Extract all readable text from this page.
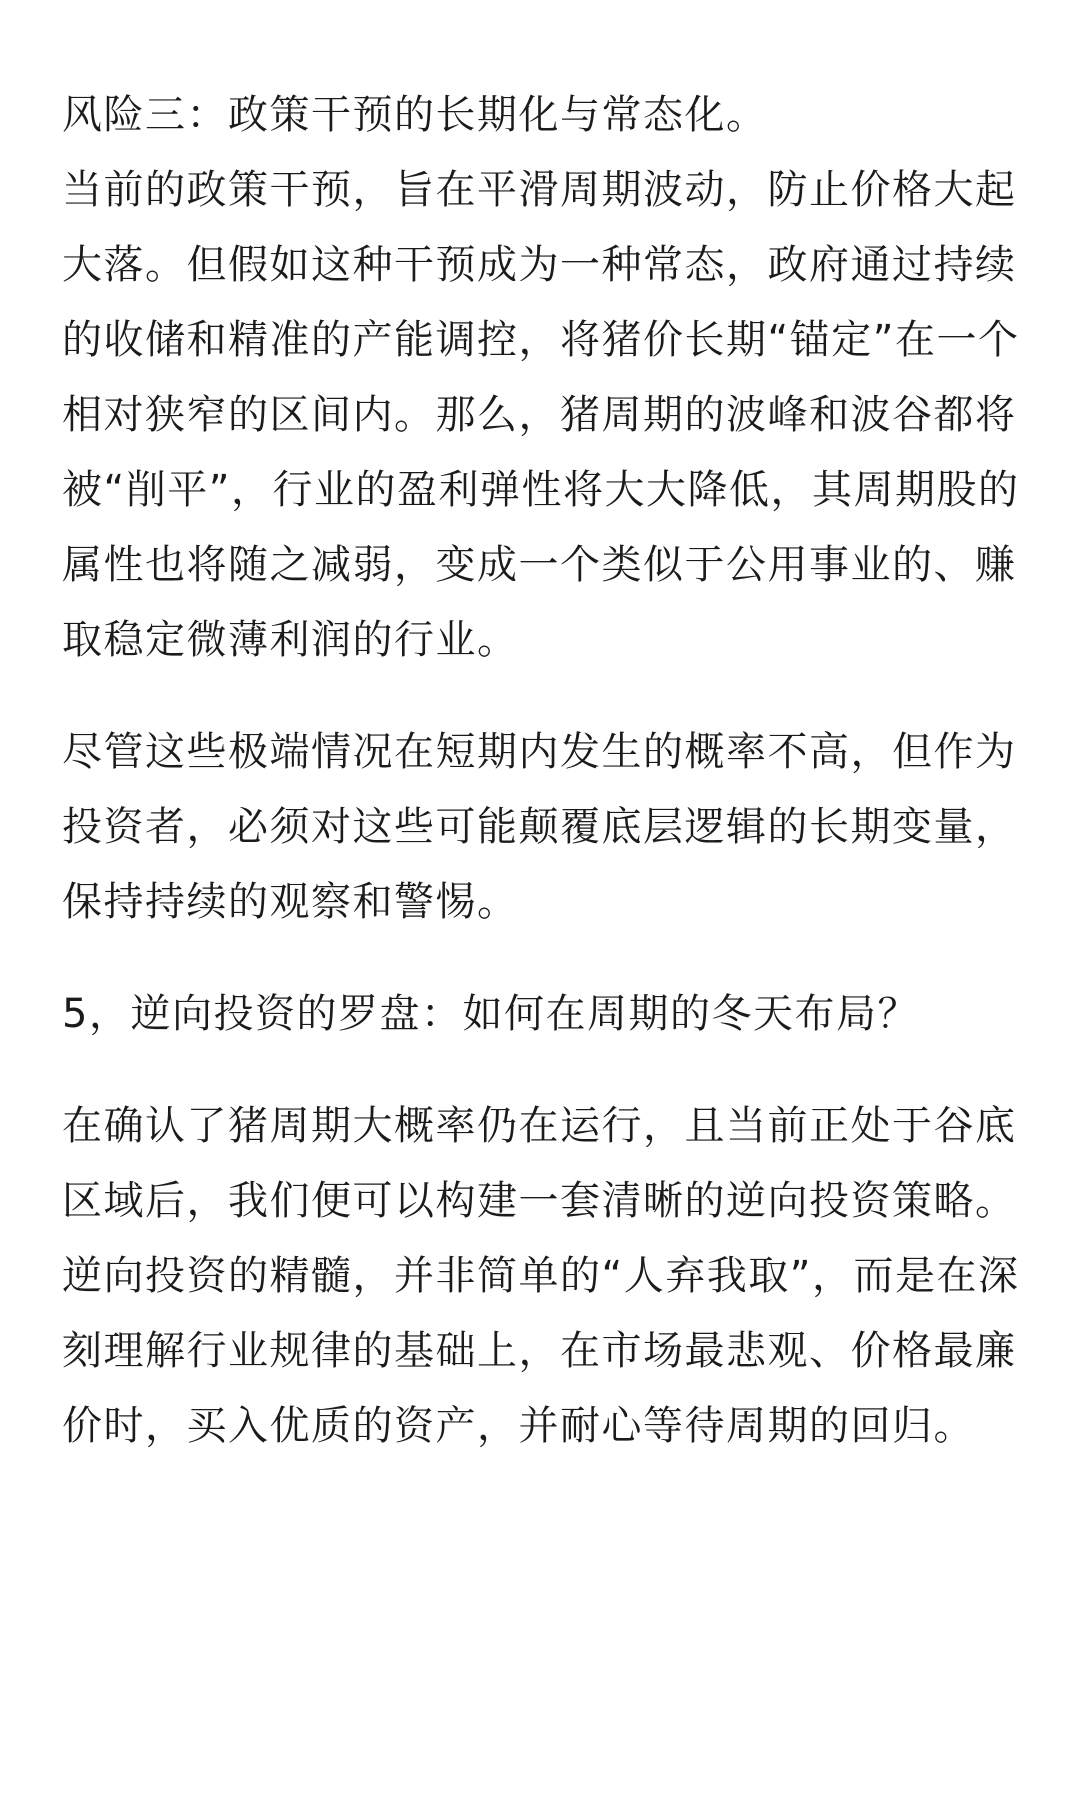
风险三：政策干预的长期化与常态化。

当前的政策干预，旨在平滑周期波动，防止价格大起大落。但假如这种干预成为一种常态，政府通过持续的收储和精准的产能调控，将猪价长期“锚定”在一个相对狭窄的区间内。那么，猪周期的波峰和波谷都将被“削平”，行业的盈利弹性将大大降低，其周期股的属性也将随之减弱，变成一个类似于公用事业的、赚取稳定微薄利润的行业。

尽管这些极端情况在短期内发生的概率不高，但作为投资者，必须对这些可能颠覆底层逻辑的长期变量，保持持续的观察和警惕。

5，逆向投资的罗盘：如何在周期的冬天布局？

在确认了猪周期大概率仍在运行，且当前正处于谷底区域后，我们便可以构建一套清晰的逆向投资策略。逆向投资的精髓，并非简单的“人弃我取”，而是在深刻理解行业规律的基础上，在市场最悲观、价格最廉价时，买入优质的资产，并耐心等待周期的回归。
